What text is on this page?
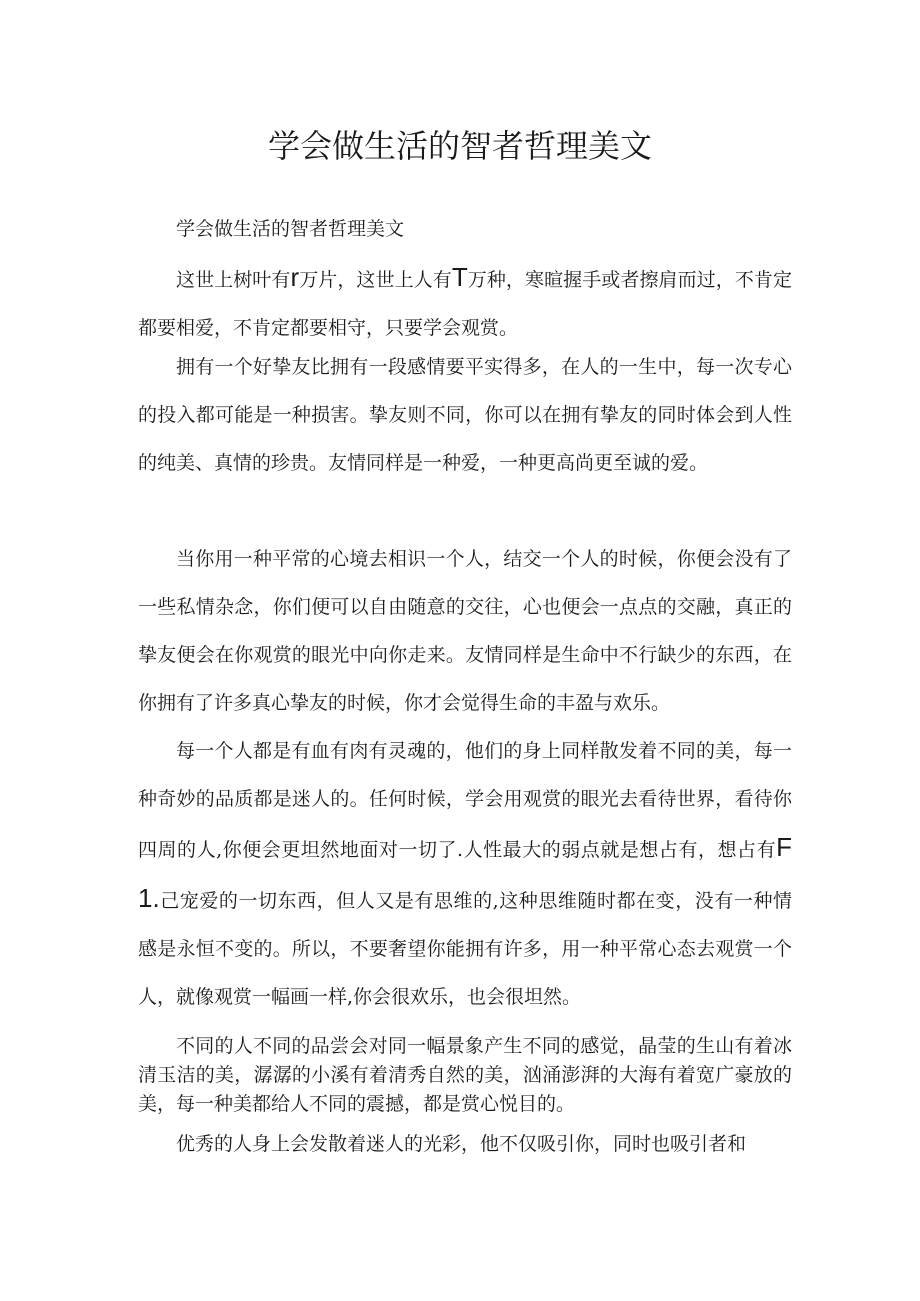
学会做生活的智者哲理美文

学会做生活的智者哲理美文

这世上树叶有r万片，这世上人有T万种，寒暄握手或者擦肩而过，不肯定都要相爱，不肯定都要相守，只要学会观赏。

拥有一个好挚友比拥有一段感情要平实得多，在人的一生中，每一次专心的投入都可能是一种损害。挚友则不同，你可以在拥有挚友的同时体会到人性的纯美、真情的珍贵。友情同样是一种爱，一种更高尚更至诚的爱。

当你用一种平常的心境去相识一个人，结交一个人的时候，你便会没有了一些私情杂念，你们便可以自由随意的交往，心也便会一点点的交融，真正的挚友便会在你观赏的眼光中向你走来。友情同样是生命中不行缺少的东西，在你拥有了许多真心挚友的时候，你才会觉得生命的丰盈与欢乐。

每一个人都是有血有肉有灵魂的，他们的身上同样散发着不同的美，每一种奇妙的品质都是迷人的。任何时候，学会用观赏的眼光去看待世界，看待你四周的人,你便会更坦然地面对一切了.人性最大的弱点就是想占有，想占有F1.己宠爱的一切东西，但人又是有思维的,这种思维随时都在变，没有一种情感是永恒不变的。所以，不要奢望你能拥有许多，用一种平常心态去观赏一个人，就像观赏一幅画一样,你会很欢乐，也会很坦然。

不同的人不同的品尝会对同一幅景象产生不同的感觉，晶莹的生山有着冰清玉洁的美，潺潺的小溪有着清秀自然的美，汹涌澎湃的大海有着宽广豪放的美，每一种美都给人不同的震撼，都是赏心悦目的。

优秀的人身上会发散着迷人的光彩，他不仅吸引你，同时也吸引者和
